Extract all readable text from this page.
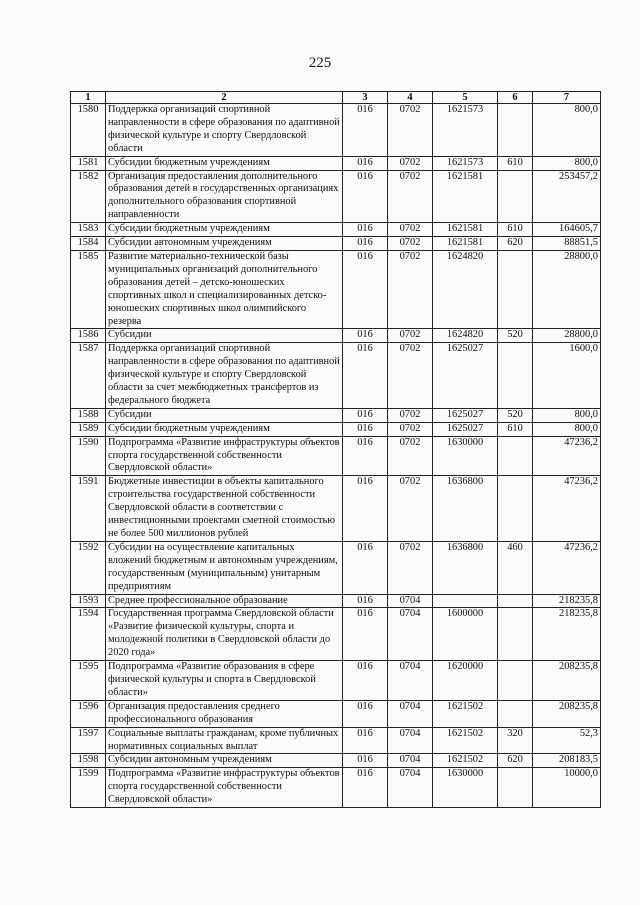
225
1	2	3	4	5	6	7
1580	Поддержка организаций спортивной направленности в сфере образования по адаптивной физической культуре и спорту Свердловской области	016	0702	1621573		800,0
1581	Субсидии бюджетным учреждениям	016	0702	1621573	610	800,0
1582	Организация предоставления дополнительного образования детей в государственных организациях дополнительного образования спортивной направленности	016	0702	1621581		253457,2
1583	Субсидии бюджетным учреждениям	016	0702	1621581	610	164605,7
1584	Субсидии автономным учреждениям	016	0702	1621581	620	88851,5
1585	Развитие материально-технической базы муниципальных организаций дополнительного образования детей – детско-юношеских спортивных школ и специализированных детско-юношеских спортивных школ олимпийского резерва	016	0702	1624820		28800,0
1586	Субсидии	016	0702	1624820	520	28800,0
1587	Поддержка организаций спортивной направленности в сфере образования по адаптивной физической культуре и спорту Свердловской области за счет межбюджетных трансфертов из федерального бюджета	016	0702	1625027		1600,0
1588	Субсидии	016	0702	1625027	520	800,0
1589	Субсидии бюджетным учреждениям	016	0702	1625027	610	800,0
1590	Подпрограмма «Развитие инфраструктуры объектов спорта государственной собственности Свердловской области»	016	0702	1630000		47236,2
1591	Бюджетные инвестиции в объекты капитального строительства государственной собственности Свердловской области в соответствии с инвестиционными проектами сметной стоимостью не более 500 миллионов рублей	016	0702	1636800		47236,2
1592	Субсидии на осуществление капитальных вложений бюджетным и автономным учреждениям, государственным (муниципальным) унитарным предприятиям	016	0702	1636800	460	47236,2
1593	Среднее профессиональное образование	016	0704			218235,8
1594	Государственная программа Свердловской области «Развитие физической культуры, спорта и молодежной политики в Свердловской области до 2020 года»	016	0704	1600000		218235,8
1595	Подпрограмма «Развитие образования в сфере физической культуры и спорта в Свердловской области»	016	0704	1620000		208235,8
1596	Организация предоставления среднего профессионального образования	016	0704	1621502		208235,8
1597	Социальные выплаты гражданам, кроме публичных нормативных социальных выплат	016	0704	1621502	320	52,3
1598	Субсидии автономным учреждениям	016	0704	1621502	620	208183,5
1599	Подпрограмма «Развитие инфраструктуры объектов спорта государственной собственности Свердловской области»	016	0704	1630000		10000,0
